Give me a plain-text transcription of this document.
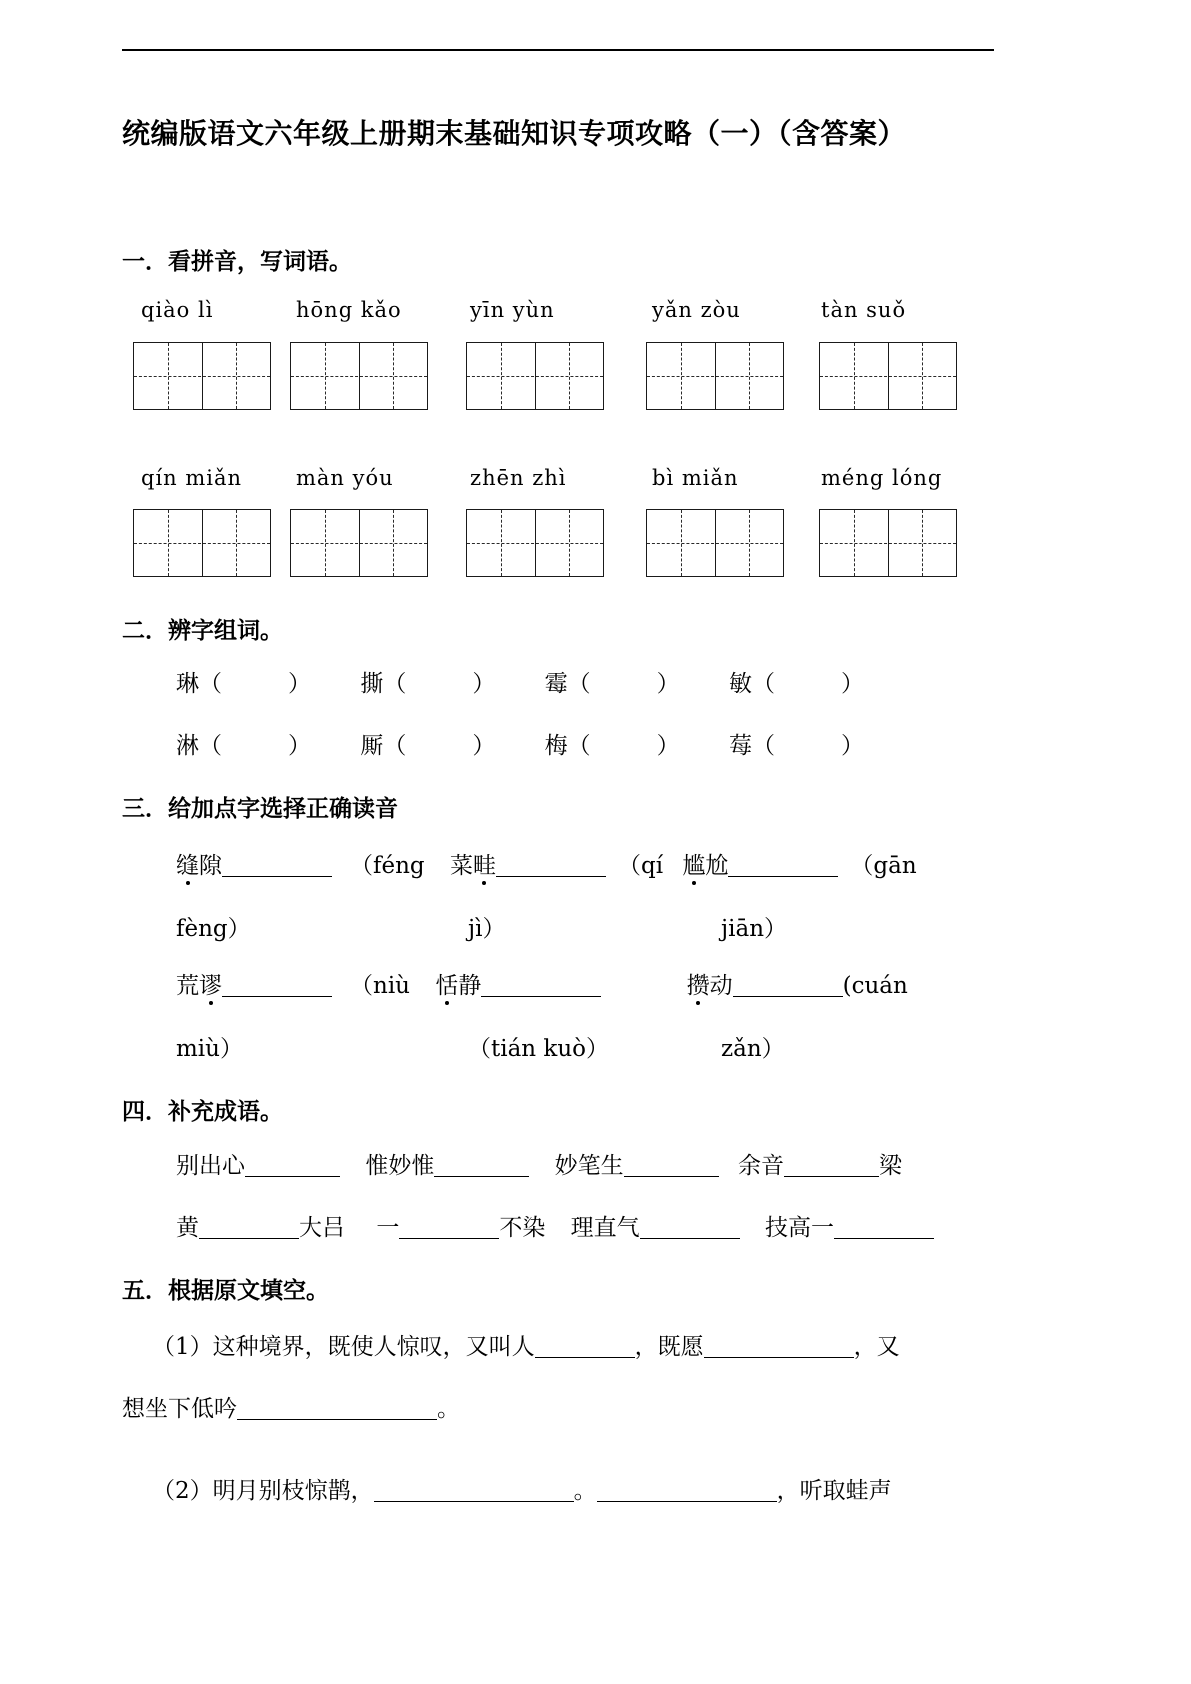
统编版语文六年级上册期末基础知识专项攻略（一）（含答案）
一．看拼音，写词语。
qiào lì	hōng kǎo	yīn yùn	yǎn zòu	tàn suǒ
qín miǎn	màn yóu	zhēn zhì	bì miǎn	méng lóng
二．辨字组词。
琳（	） 撕（	） 霉（	） 敏（	）
淋（	） 厮（	） 梅（	） 莓（	）
三．给加点字选择正确读音
缝隙	（féng 菜畦	（qí 尴尬	（gān
fèng）	jì）	jiān）
荒谬	（niù 恬静	攒动	(cuán
miù）	（tián kuò）	zǎn）
四．补充成语。
别出心	惟妙惟	妙笔生	余音	梁
黄	大吕 一	不染 理直气	技高一
五．根据原文填空。
（1）这种境界，既使人惊叹，又叫人	，既愿	，又
想坐下低吟	。
（2）明月别枝惊鹊，	。	，听取蛙声
